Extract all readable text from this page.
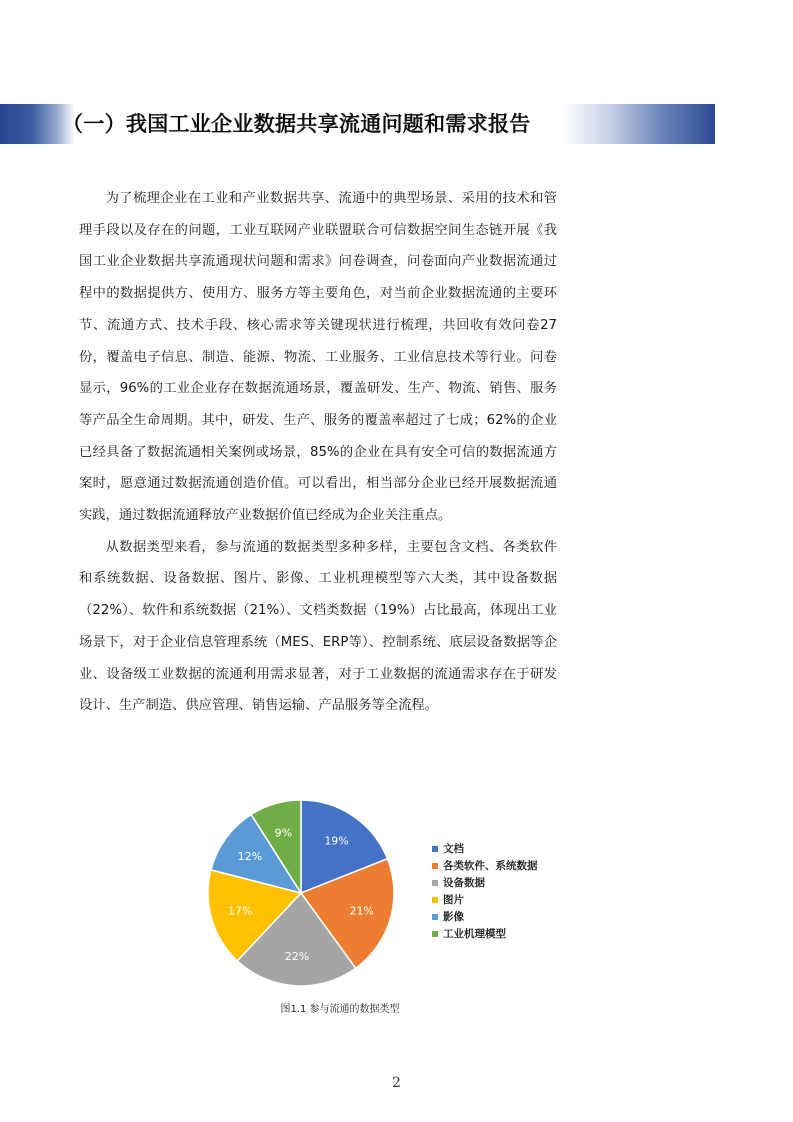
（一）我国工业企业数据共享流通问题和需求报告

为了梳理企业在工业和产业数据共享、流通中的典型场景、采用的技术和管理手段以及存在的问题，工业互联网产业联盟联合可信数据空间生态链开展《我国工业企业数据共享流通现状问题和需求》问卷调查，问卷面向产业数据流通过程中的数据提供方、使用方、服务方等主要角色，对当前企业数据流通的主要环节、流通方式、技术手段、核心需求等关键现状进行梳理，共回收有效问卷27份，覆盖电子信息、制造、能源、物流、工业服务、工业信息技术等行业。问卷显示，96%的工业企业存在数据流通场景，覆盖研发、生产、物流、销售、服务等产品全生命周期。其中，研发、生产、服务的覆盖率超过了七成；62%的企业已经具备了数据流通相关案例或场景，85%的企业在具有安全可信的数据流通方案时，愿意通过数据流通创造价值。可以看出，相当部分企业已经开展数据流通实践，通过数据流通释放产业数据价值已经成为企业关注重点。

从数据类型来看，参与流通的数据类型多种多样，主要包含文档、各类软件和系统数据、设备数据、图片、影像、工业机理模型等六大类，其中设备数据（22%）、软件和系统数据（21%）、文档类数据（19%）占比最高，体现出工业场景下，对于企业信息管理系统（MES、ERP等）、控制系统、底层设备数据等企业、设备级工业数据的流通利用需求显著，对于工业数据的流通需求存在于研发设计、生产制造、供应管理、销售运输、产品服务等全流程。

19%
21%
22%
17%
12%
9%
文档
各类软件、系统数据
设备数据
图片
影像
工业机理模型
图1.1 参与流通的数据类型
2
